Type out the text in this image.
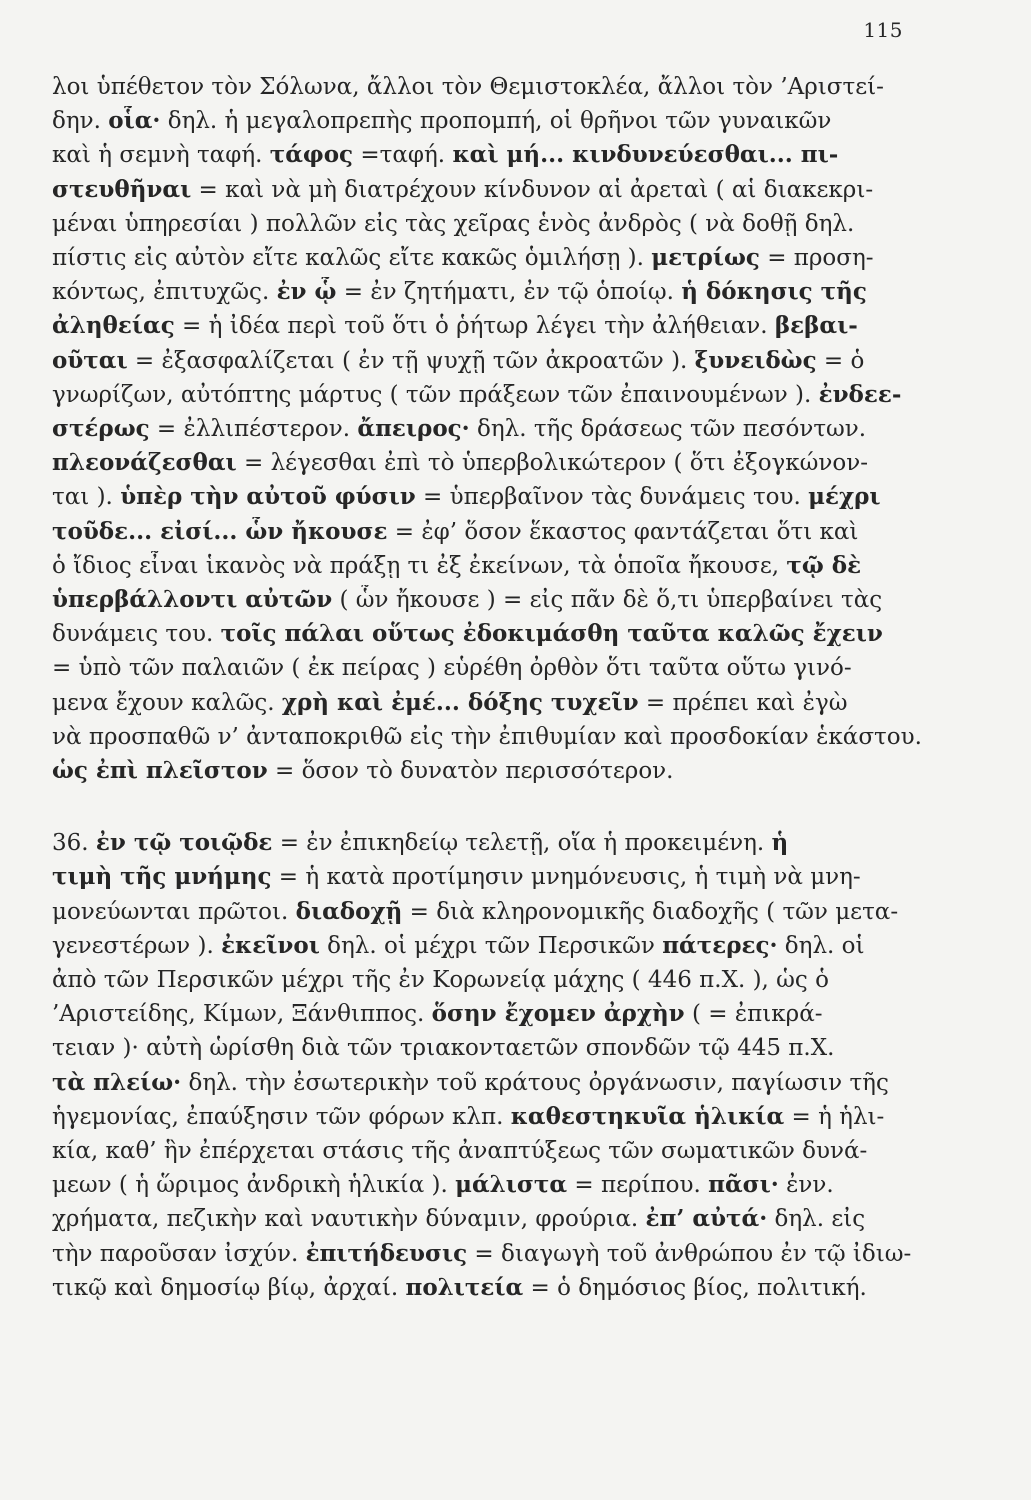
115
λοι ὑπέθετον τὸν Σόλωνα, ἄλλοι τὸν Θεμιστοκλέα, ἄλλοι τὸν ’Αριστεί-
δην. οἷα· δηλ. ἡ μεγαλοπρεπὴς προπομπή, οἱ θρῆνοι τῶν γυναικῶν
καὶ ἡ σεμνὴ ταφή. τάφος =ταφή. καὶ μή... κινδυνεύεσθαι... πι-
στευθῆναι = καὶ νὰ μὴ διατρέχουν κίνδυνον αἱ ἀρεταὶ ( αἱ διακεκρι-
μέναι ὑπηρεσίαι ) πολλῶν εἰς τὰς χεῖρας ἑνὸς ἀνδρὸς ( νὰ δοθῇ δηλ.
πίστις εἰς αὐτὸν εἴτε καλῶς εἴτε κακῶς ὁμιλήσῃ ). μετρίως = προση-
κόντως, ἐπιτυχῶς. ἐν ᾧ = ἐν ζητήματι, ἐν τῷ ὁποίῳ. ἡ δόκησις τῆς
ἀληθείας = ἡ ἰδέα περὶ τοῦ ὅτι ὁ ῥήτωρ λέγει τὴν ἀλήθειαν. βεβαι-
οῦται = ἐξασφαλίζεται ( ἐν τῇ ψυχῇ τῶν ἀκροατῶν ). ξυνειδὼς = ὁ
γνωρίζων, αὐτόπτης μάρτυς ( τῶν πράξεων τῶν ἐπαινουμένων ). ἐνδεε-
στέρως = ἐλλιπέστερον. ἄπειρος· δηλ. τῆς δράσεως τῶν πεσόντων.
πλεονάζεσθαι = λέγεσθαι ἐπὶ τὸ ὑπερβολικώτερον ( ὅτι ἐξογκώνον-
ται ). ὑπὲρ τὴν αὐτοῦ φύσιν = ὑπερβαῖνον τὰς δυνάμεις του. μέχρι
τοῦδε... εἰσί... ὧν ἤκουσε = ἐφ’ ὅσον ἕκαστος φαντάζεται ὅτι καὶ
ὁ ἴδιος εἶναι ἱκανὸς νὰ πράξῃ τι ἐξ ἐκείνων, τὰ ὁποῖα ἤκουσε, τῷ δὲ
ὑπερβάλλοντι αὐτῶν ( ὧν ἤκουσε ) = εἰς πᾶν δὲ ὅ,τι ὑπερβαίνει τὰς
δυνάμεις του. τοῖς πάλαι οὕτως ἐδοκιμάσθη ταῦτα καλῶς ἔχειν
= ὑπὸ τῶν παλαιῶν ( ἐκ πείρας ) εὑρέθη ὀρθὸν ὅτι ταῦτα οὕτω γινό-
μενα ἔχουν καλῶς. χρὴ καὶ ἐμέ... δόξης τυχεῖν = πρέπει καὶ ἐγὼ
νὰ προσπαθῶ ν’ ἀνταποκριθῶ εἰς τὴν ἐπιθυμίαν καὶ προσδοκίαν ἑκάστου.
ὡς ἐπὶ πλεῖστον = ὅσον τὸ δυνατὸν περισσότερον.
36. ἐν τῷ τοιῷδε = ἐν ἐπικηδείῳ τελετῇ, οἵα ἡ προκειμένη. ἡ
τιμὴ τῆς μνήμης = ἡ κατὰ προτίμησιν μνημόνευσις, ἡ τιμὴ νὰ μνη-
μονεύωνται πρῶτοι. διαδοχῇ = διὰ κληρονομικῆς διαδοχῆς ( τῶν μετα-
γενεστέρων ). ἐκεῖνοι δηλ. οἱ μέχρι τῶν Περσικῶν πάτερες· δηλ. οἱ
ἀπὸ τῶν Περσικῶν μέχρι τῆς ἐν Κορωνείᾳ μάχης ( 446 π.Χ. ), ὡς ὁ
’Αριστείδης, Κίμων, Ξάνθιππος. ὅσην ἔχομεν ἀρχὴν ( = ἐπικρά-
τειαν )· αὐτὴ ὡρίσθη διὰ τῶν τριακονταετῶν σπονδῶν τῷ 445 π.Χ.
τὰ πλείω· δηλ. τὴν ἐσωτερικὴν τοῦ κράτους ὀργάνωσιν, παγίωσιν τῆς
ἡγεμονίας, ἐπαύξησιν τῶν φόρων κλπ. καθεστηκυῖα ἡλικία = ἡ ἡλι-
κία, καθ’ ἣν ἐπέρχεται στάσις τῆς ἀναπτύξεως τῶν σωματικῶν δυνά-
μεων ( ἡ ὥριμος ἀνδρικὴ ἡλικία ). μάλιστα = περίπου. πᾶσι· ἐνν.
χρήματα, πεζικὴν καὶ ναυτικὴν δύναμιν, φρούρια. ἐπ’ αὐτά· δηλ. εἰς
τὴν παροῦσαν ἰσχύν. ἐπιτήδευσις = διαγωγὴ τοῦ ἀνθρώπου ἐν τῷ ἰδιω-
τικῷ καὶ δημοσίῳ βίῳ, ἀρχαί. πολιτεία = ὁ δημόσιος βίος, πολιτική.
